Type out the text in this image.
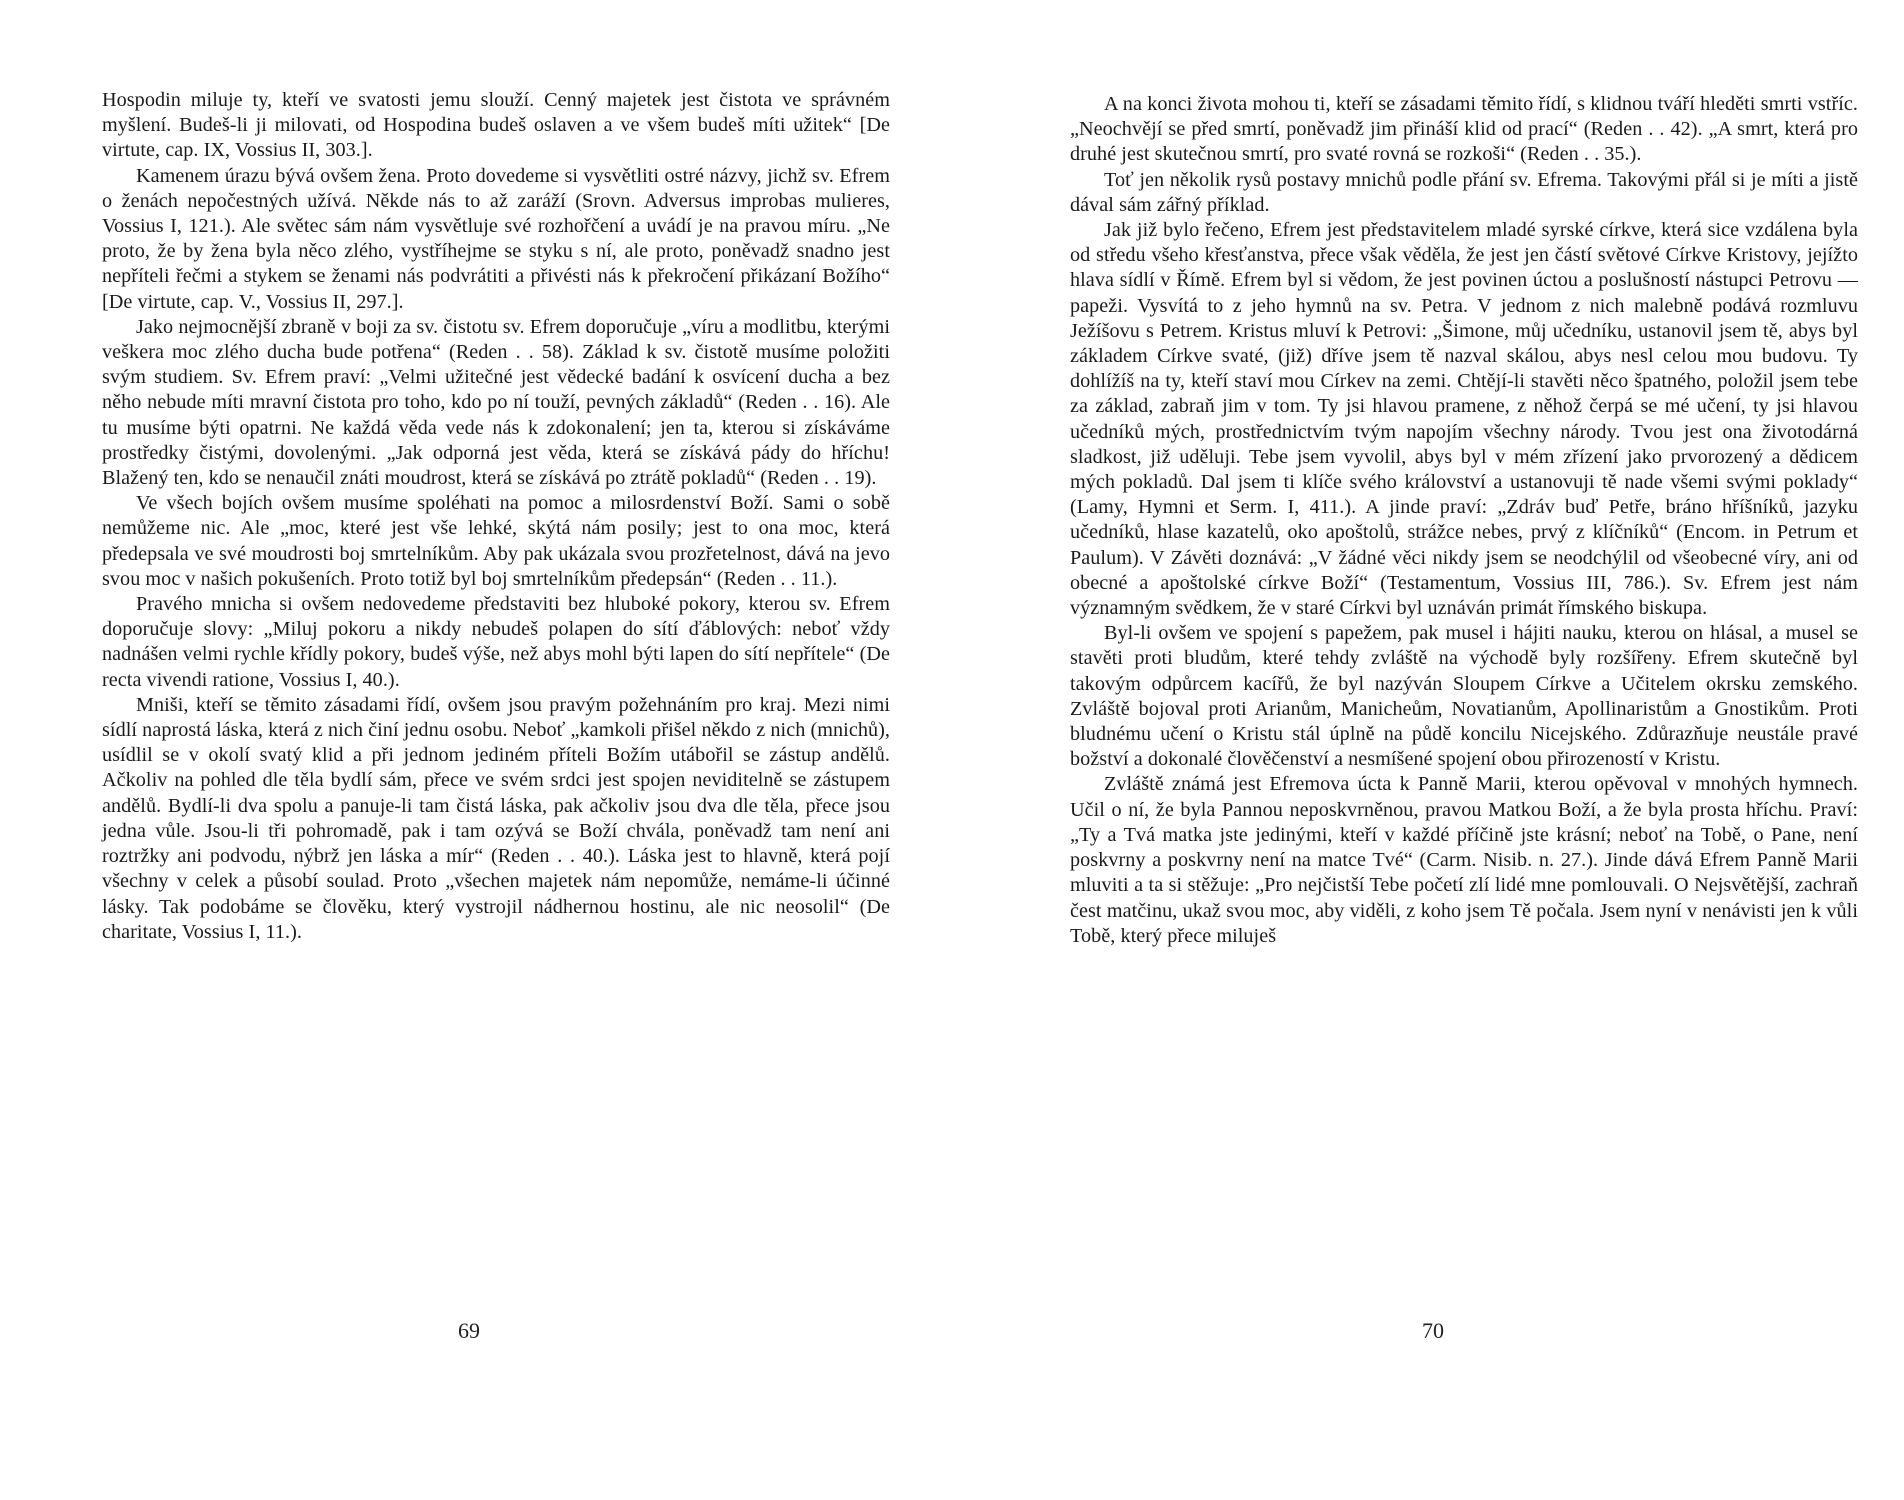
Hospodin miluje ty, kteří ve svatosti jemu slouží. Cenný majetek jest čistota ve správném myšlení. Budeš-li ji milovati, od Hospodina budeš oslaven a ve všem budeš míti užitek“ [De virtute, cap. IX, Vossius II, 303.].

Kamenem úrazu bývá ovšem žena. Proto dovedeme si vysvětliti ostré názvy, jichž sv. Efrem o ženách nepočestných užívá. Někde nás to až zaráží (Srovn. Adversus improbas mulieres, Vossius I, 121.). Ale světec sám nám vysvětluje své rozhořčení a uvádí je na pravou míru. „Ne proto, že by žena byla něco zlého, vystříhejme se styku s ní, ale proto, poněvadž snadno jest nepříteli řečmi a stykem se ženami nás podvrátiti a přivésti nás k překročení přikázaní Božího“ [De virtute, cap. V., Vossius II, 297.].

Jako nejmocnější zbraně v boji za sv. čistotu sv. Efrem doporučuje „víru a modlitbu, kterými veškera moc zlého ducha bude potřena“ (Reden . . 58). Základ k sv. čistotě musíme položiti svým studiem. Sv. Efrem praví: „Velmi užitečné jest vědecké badání k osvícení ducha a bez něho nebude míti mravní čistota pro toho, kdo po ní touží, pevných základů“ (Reden . . 16). Ale tu musíme býti opatrni. Ne každá věda vede nás k zdokonalení; jen ta, kterou si získáváme prostředky čistými, dovolenými. „Jak odporná jest věda, která se získává pády do hříchu! Blažený ten, kdo se nenaučil znáti moudrost, která se získává po ztrátě pokladů“ (Reden . . 19).

Ve všech bojích ovšem musíme spoléhati na pomoc a milosrdenství Boží. Sami o sobě nemůžeme nic. Ale „moc, které jest vše lehké, skýtá nám posily; jest to ona moc, která předepsala ve své moudrosti boj smrtelníkům. Aby pak ukázala svou prozřetelnost, dává na jevo svou moc v našich pokušeních. Proto totiž byl boj smrtelníkům předepsán“ (Reden . . 11.).

Pravého mnicha si ovšem nedovedeme představiti bez hluboké pokory, kterou sv. Efrem doporučuje slovy: „Miluj pokoru a nikdy nebudeš polapen do sítí ďáblových: neboť vždy nadnášen velmi rychle křídly pokory, budeš výše, než abys mohl býti lapen do sítí nepřítele“ (De recta vivendi ratione, Vossius I, 40.).

Mniši, kteří se těmito zásadami řídí, ovšem jsou pravým požehnáním pro kraj. Mezi nimi sídlí naprostá láska, která z nich činí jednu osobu. Neboť „kamkoli přišel někdo z nich (mnichů), usídlil se v okolí svatý klid a při jednom jediném příteli Božím utábořil se zástup andělů. Ačkoliv na pohled dle těla bydlí sám, přece ve svém srdci jest spojen neviditelně se zástupem andělů. Bydlí-li dva spolu a panuje-li tam čistá láska, pak ačkoliv jsou dva dle těla, přece jsou jedna vůle. Jsou-li tři pohromadě, pak i tam ozývá se Boží chvála, poněvadž tam není ani roztržky ani podvodu, nýbrž jen láska a mír“ (Reden . . 40.). Láska jest to hlavně, která pojí všechny v celek a působí soulad. Proto „všechen majetek nám nepomůže, nemáme-li účinné lásky. Tak podobáme se člověku, který vystrojil nádhernou hostinu, ale nic neosolil“ (De charitate, Vossius I, 11.).

69

A na konci života mohou ti, kteří se zásadami těmito řídí, s klidnou tváří hleděti smrti vstříc. „Neochvějí se před smrtí, poněvadž jim přináší klid od prací“ (Reden . . 42). „A smrt, která pro druhé jest skutečnou smrtí, pro svaté rovná se rozkoši“ (Reden . . 35.).

Toť jen několik rysů postavy mnichů podle přání sv. Efrema. Takovými přál si je míti a jistě dával sám zářný příklad.

Jak již bylo řečeno, Efrem jest představitelem mladé syrské církve, která sice vzdálena byla od středu všeho křesťanstva, přece však věděla, že jest jen částí světové Církve Kristovy, jejížto hlava sídlí v Římě. Efrem byl si vědom, že jest povinen úctou a poslušností nástupci Petrovu — papeži. Vysvítá to z jeho hymnů na sv. Petra. V jednom z nich malebně podává rozmluvu Ježíšovu s Petrem. Kristus mluví k Petrovi: „Šimone, můj učedníku, ustanovil jsem tě, abys byl základem Církve svaté, (již) dříve jsem tě nazval skálou, abys nesl celou mou budovu. Ty dohlížíš na ty, kteří staví mou Církev na zemi. Chtějí-li stavěti něco špatného, položil jsem tebe za základ, zabraň jim v tom. Ty jsi hlavou pramene, z něhož čerpá se mé učení, ty jsi hlavou učedníků mých, prostřednictvím tvým napojím všechny národy. Tvou jest ona životodárná sladkost, již uděluji. Tebe jsem vyvolil, abys byl v mém zřízení jako prvorozený a dědicem mých pokladů. Dal jsem ti klíče svého království a ustanovuji tě nade všemi svými poklady“ (Lamy, Hymni et Serm. I, 411.). A jinde praví: „Zdráv buď Petře, bráno hříšníků, jazyku učedníků, hlase kazatelů, oko apoštolů, strážce nebes, prvý z klíčníků“ (Encom. in Petrum et Paulum). V Závěti doznává: „V žádné věci nikdy jsem se neodchýlil od všeobecné víry, ani od obecné a apoštolské církve Boží“ (Testamentum, Vossius III, 786.). Sv. Efrem jest nám významným svědkem, že v staré Církvi byl uznáván primát římského biskupa.

Byl-li ovšem ve spojení s papežem, pak musel i hájiti nauku, kterou on hlásal, a musel se stavěti proti bludům, které tehdy zvláště na východě byly rozšířeny. Efrem skutečně byl takovým odpůrcem kacířů, že byl nazýván Sloupem Církve a Učitelem okrsku zemského. Zvláště bojoval proti Arianům, Manicheům, Novatianům, Apollinaristům a Gnostikům. Proti bludnému učení o Kristu stál úplně na půdě koncilu Nicejského. Zdůrazňuje neustále pravé božství a dokonalé člověčenství a nesmíšené spojení obou přirozeností v Kristu.

Zvláště známá jest Efremova úcta k Panně Marii, kterou opěvoval v mnohých hymnech. Učil o ní, že byla Pannou neposkvrněnou, pravou Matkou Boží, a že byla prosta hříchu. Praví: „Ty a Tvá matka jste jedinými, kteří v každé příčině jste krásní; neboť na Tobě, o Pane, není poskvrny a poskvrny není na matce Tvé“ (Carm. Nisib. n. 27.). Jinde dává Efrem Panně Marii mluviti a ta si stěžuje: „Pro nejčistší Tebe početí zlí lidé mne pomlouvali. O Nejsvětější, zachraň čest matčinu, ukaž svou moc, aby viděli, z koho jsem Tě počala. Jsem nyní v nenávisti jen k vůli Tobě, který přece miluješ

70
